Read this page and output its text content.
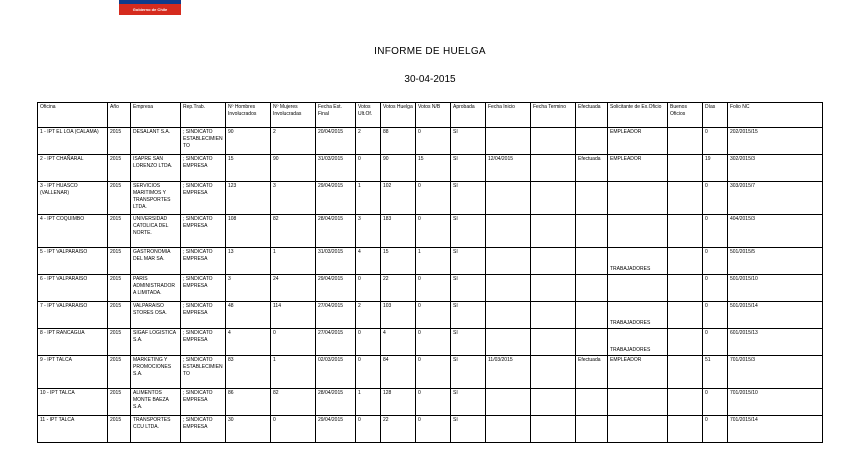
Gobierno de Chile
INFORME DE HUELGA
30-04-2015
Oficina	Año	Empresa	Rep.Trab.	Nº Hombres Involucrados	Nº Mujeres Involucradas	Fecha Est. Final	Votos Ult.Of.	Votos Huelga	Votos N/B	Aprobada	Fecha Inicio	Fecha Termino	Efectuada	Solicitante de Ex.Oficio	Buenos Oficios	Días	Folio NC
1 - IPT EL LOA (CALAMA)	2015	DESALANT S.A.	; SINDICATO ESTABLECIMIENTO	90	2	20/04/2015	2	88	0	SI				EMPLEADOR		0	202/2015/15
2 - IPT CHAÑARAL	2015	ISAPRE SAN LORENZO LTDA.	; SINDICATO EMPRESA	15	90	31/03/2015	0	90	15	SI	12/04/2015		Efectuada	EMPLEADOR		19	302/2015/3
3 - IPT HUASCO (VALLENAR)	2015	SERVICIOS MARITIMOS Y TRANSPORTES LTDA.	; SINDICATO EMPRESA	123	3	29/04/2015	1	102	0	SI						0	303/2015/7
4 - IPT COQUIMBO	2015	UNIVERSIDAD CATOLICA DEL NORTE.	; SINDICATO EMPRESA	108	82	28/04/2015	3	183	0	SI						0	404/2015/3
5 - IPT VALPARAISO	2015	GASTRONOMIA DEL MAR SA.	; SINDICATO EMPRESA	13	1	31/03/2015	4	15	1	SI				TRABAJADORES		0	501/2015/5
6 - IPT VALPARAISO	2015	PARIS ADMINISTRADORA LIMITADA.	; SINDICATO EMPRESA	3	24	29/04/2015	0	22	0	SI						0	501/2015/10
7 - IPT VALPARAISO	2015	VALPARAISO STORES OSA.	; SINDICATO EMPRESA	48	114	27/04/2015	2	103	0	SI				TRABAJADORES		0	501/2015/14
8 - IPT RANCAGUA	2015	SIGAF LOGISTICA S.A.	; SINDICATO EMPRESA	4	0	27/04/2015	0	4	0	SI				TRABAJADORES		0	601/2015/13
9 - IPT TALCA	2015	MARKETING Y PROMOCIONES S.A.	; SINDICATO ESTABLECIMIENTO	83	1	02/03/2015	0	84	0	SI	11/03/2015		Efectuada	EMPLEADOR		51	701/2015/3
10 - IPT TALCA	2015	ALIMENTOS MONTE BAEZA S.A.	; SINDICATO EMPRESA	86	82	28/04/2015	1	128	0	SI						0	701/2015/10
11 - IPT TALCA	2015	TRANSPORTES CCU LTDA.	; SINDICATO EMPRESA	30	0	29/04/2015	0	22	0	SI						0	701/2015/14
